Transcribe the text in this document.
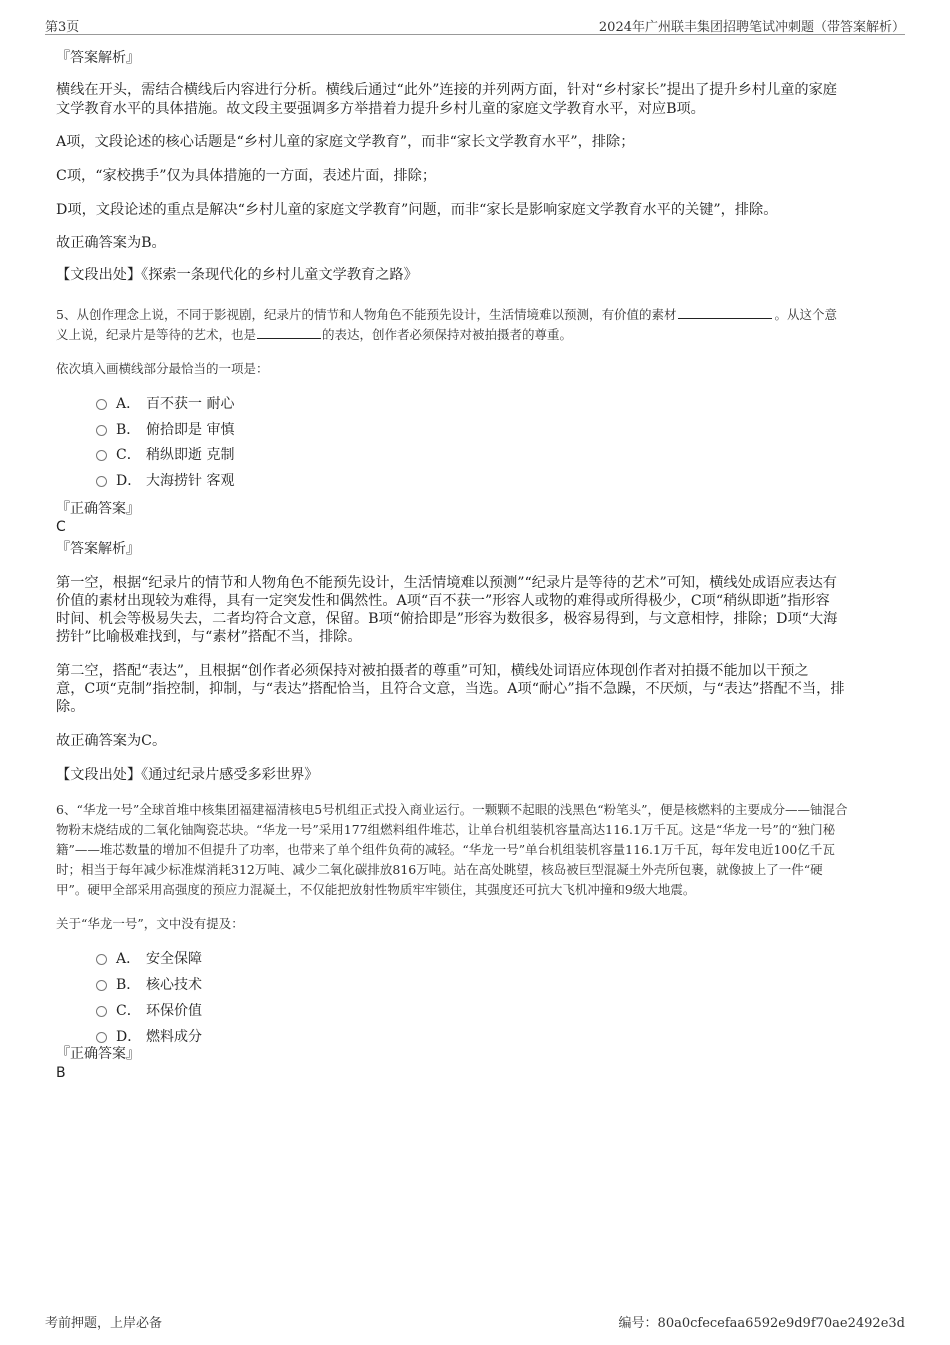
第3页	2024年广州联丰集团招聘笔试冲刺题（带答案解析）
『答案解析』
横线在开头，需结合横线后内容进行分析。横线后通过“此外”连接的并列两方面，针对“乡村家长”提出了提升乡村儿童的家庭
文学教育水平的具体措施。故文段主要强调多方举措着力提升乡村儿童的家庭文学教育水平，对应B项。
A项，文段论述的核心话题是“乡村儿童的家庭文学教育”，而非“家长文学教育水平”，排除；
C项，“家校携手”仅为具体措施的一方面，表述片面，排除；
D项，文段论述的重点是解决“乡村儿童的家庭文学教育”问题，而非“家长是影响家庭文学教育水平的关键”，排除。
故正确答案为B。
【文段出处】《探索一条现代化的乡村儿童文学教育之路》
5、从创作理念上说，不同于影视剧，纪录片的情节和人物角色不能预先设计，生活情境难以预测，有价值的素材	。从这个意
义上说，纪录片是等待的艺术，也是	的表达，创作者必须保持对被拍摄者的尊重。
依次填入画横线部分最恰当的一项是：
A． 百不获一 耐心
B． 俯拾即是 审慎
C． 稍纵即逝 克制
D． 大海捞针 客观
『正确答案』
C
『答案解析』
第一空，根据“纪录片的情节和人物角色不能预先设计，生活情境难以预测”“纪录片是等待的艺术”可知，横线处成语应表达有
价值的素材出现较为难得，具有一定突发性和偶然性。A项“百不获一”形容人或物的难得或所得极少，C项“稍纵即逝”指形容
时间、机会等极易失去，二者均符合文意，保留。B项“俯拾即是”形容为数很多，极容易得到，与文意相悖，排除；D项“大海
捞针”比喻极难找到，与“素材”搭配不当，排除。
第二空，搭配“表达”，且根据“创作者必须保持对被拍摄者的尊重”可知，横线处词语应体现创作者对拍摄不能加以干预之
意，C项“克制”指控制，抑制，与“表达”搭配恰当，且符合文意，当选。A项“耐心”指不急躁，不厌烦，与“表达”搭配不当，排
除。
故正确答案为C。
【文段出处】《通过纪录片感受多彩世界》
6、“华龙一号”全球首堆中核集团福建福清核电5号机组正式投入商业运行。一颗颗不起眼的浅黑色“粉笔头”，便是核燃料的主要成分——铀混合
物粉末烧结成的二氧化铀陶瓷芯块。“华龙一号”采用177组燃料组件堆芯，让单台机组装机容量高达116.1万千瓦。这是“华龙一号”的“独门秘
籍”——堆芯数量的增加不但提升了功率，也带来了单个组件负荷的减轻。“华龙一号”单台机组装机容量116.1万千瓦，每年发电近100亿千瓦
时；相当于每年减少标准煤消耗312万吨、减少二氧化碳排放816万吨。站在高处眺望，核岛被巨型混凝土外壳所包裹，就像披上了一件“硬
甲”。硬甲全部采用高强度的预应力混凝土，不仅能把放射性物质牢牢锁住，其强度还可抗大飞机冲撞和9级大地震。
关于“华龙一号”，文中没有提及：
A． 安全保障
B． 核心技术
C． 环保价值
D． 燃料成分
『正确答案』
B
考前押题，上岸必备	编号：80a0cfecefaa6592e9d9f70ae2492e3d
